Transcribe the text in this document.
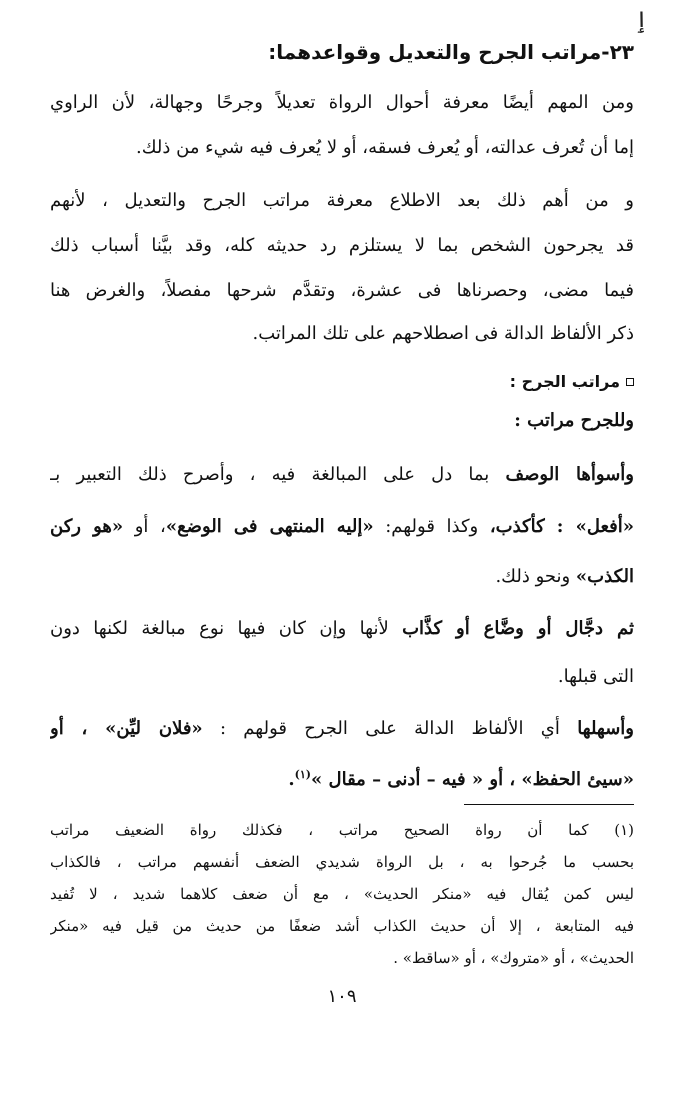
ٳ
٢٣-مراتب الجرح والتعديل وقواعدهما:
ومن المهم أيضًا معرفة أحوال الرواة تعديلاً وجرحًا وجهالة، لأن الراوي
إما أن تُعرف عدالته، أو يُعرف فسقه، أو لا يُعرف فيه شيء من ذلك.
و من أهم ذلك بعد الاطلاع معرفة مراتب الجرح والتعديل ، لأنهم
قد يجرحون الشخص بما لا يستلزم رد حديثه كله، وقد بيَّنا أسباب ذلك
فيما مضى، وحصرناها فى عشرة، وتقدَّم شرحها مفصلاً، والغرض هنا
ذكر الألفاظ الدالة فى اصطلاحهم على تلك المراتب.
مراتب الجرح :
وللجرح مراتب :
وأسوأها الوصف بما دل على المبالغة فيه ، وأصرح ذلك التعبير بـ
«أفعل» : كأكذب، وكذا قولهم: «إليه المنتهى فى الوضع»، أو «هو ركن
الكذب» ونحو ذلك.
ثم دجَّال أو وضَّاع أو كذَّاب لأنها وإن كان فيها نوع مبالغة لكنها دون
التى قبلها.
وأسهلها أي الألفاظ الدالة على الجرح قولهم : «فلان ليِّن» ، أو
«سيئ الحفظ» ، أو « فيه – أدنى – مقال »$^{(١)}$.
(١) كما أن رواة الصحيح مراتب ، فكذلك رواة الضعيف مراتب
بحسب ما جُرحوا به ، بل الرواة شديدي الضعف أنفسهم مراتب ، فالكذاب
ليس كمن يُقال فيه «منكر الحديث» ، مع أن ضعف كلاهما شديد ، لا تُفيد
فيه المتابعة ، إلا أن حديث الكذاب أشد ضعفًا من حديث من قيل فيه «منكر
الحديث» ، أو «متروك» ، أو «ساقط» .
١٠٩
